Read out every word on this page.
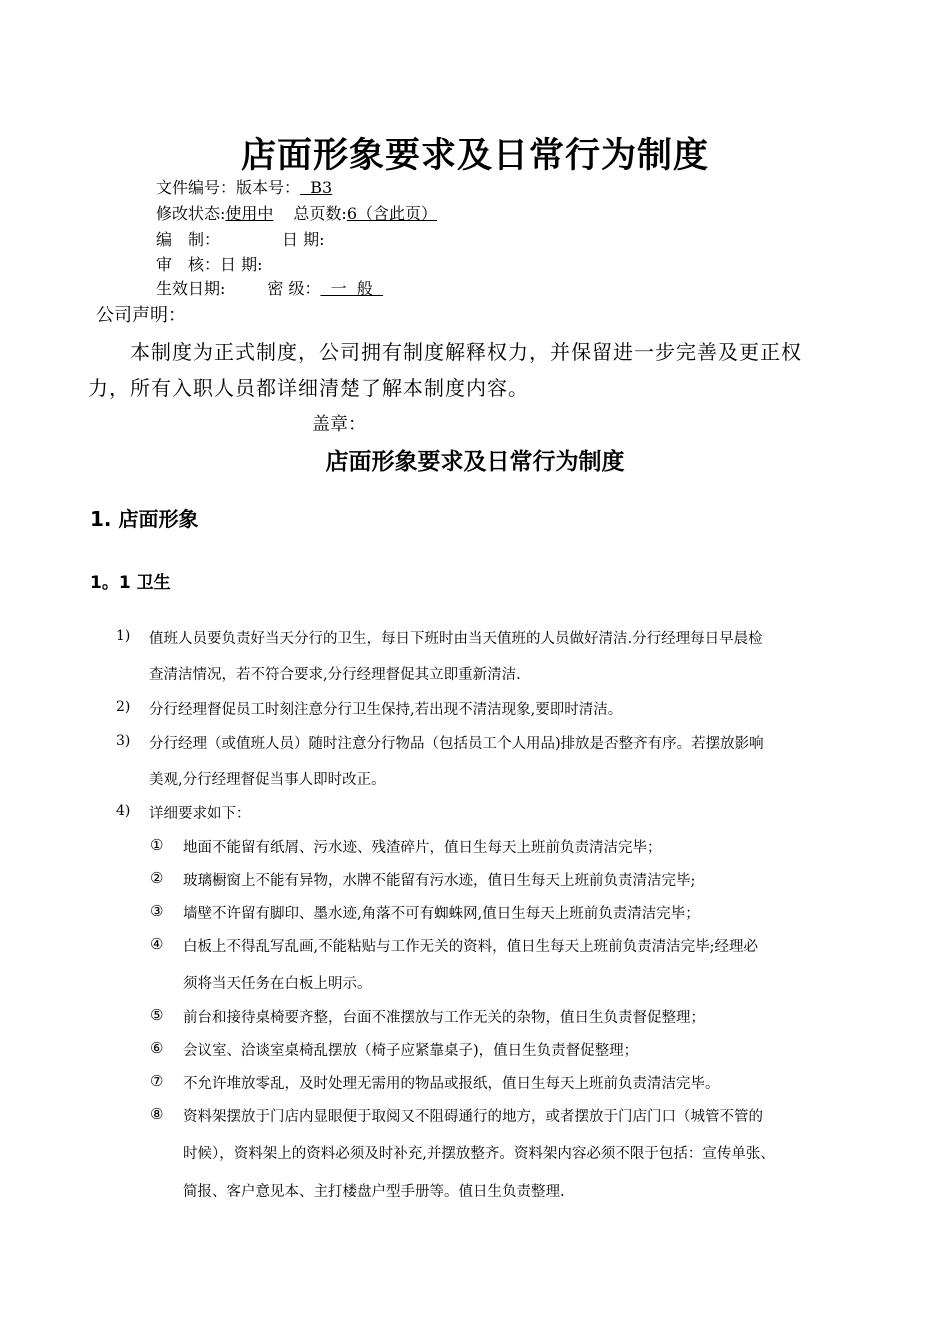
店面形象要求及日常行为制度
文件编号：版本号：  B3
修改状态:使用中 总页数:6（含此页）
编　制：	日 期:
审　核：日 期:
生效日期:	密 级：  一  般
公司声明：
本制度为正式制度，公司拥有制度解释权力，并保留进一步完善及更正权
力，所有入职人员都详细清楚了解本制度内容。
盖章：
店面形象要求及日常行为制度
1. 店面形象
1。1 卫生
1) 值班人员要负责好当天分行的卫生，每日下班时由当天值班的人员做好清洁.分行经理每日早晨检
查清洁情况，若不符合要求,分行经理督促其立即重新清洁.
2) 分行经理督促员工时刻注意分行卫生保持,若出现不清洁现象,要即时清洁。
3) 分行经理（或值班人员）随时注意分行物品（包括员工个人用品)排放是否整齐有序。若摆放影响
美观,分行经理督促当事人即时改正。
4) 详细要求如下：
① 地面不能留有纸屑、污水迹、残渣碎片，值日生每天上班前负责清洁完毕；
② 玻璃橱窗上不能有异物，水牌不能留有污水迹，值日生每天上班前负责清洁完毕;
③ 墙壁不许留有脚印、墨水迹,角落不可有蜘蛛网,值日生每天上班前负责清洁完毕；
④ 白板上不得乱写乱画,不能粘贴与工作无关的资料，值日生每天上班前负责清洁完毕;经理必
须将当天任务在白板上明示。
⑤ 前台和接待桌椅要齐整，台面不准摆放与工作无关的杂物，值日生负责督促整理；
⑥ 会议室、洽谈室桌椅乱摆放（椅子应紧靠桌子)，值日生负责督促整理；
⑦ 不允许堆放零乱，及时处理无需用的物品或报纸，值日生每天上班前负责清洁完毕。
⑧ 资料架摆放于门店内显眼便于取阅又不阻碍通行的地方，或者摆放于门店门口（城管不管的
时候），资料架上的资料必须及时补充,并摆放整齐。资料架内容必须不限于包括：宣传单张、
简报、客户意见本、主打楼盘户型手册等。值日生负责整理.
